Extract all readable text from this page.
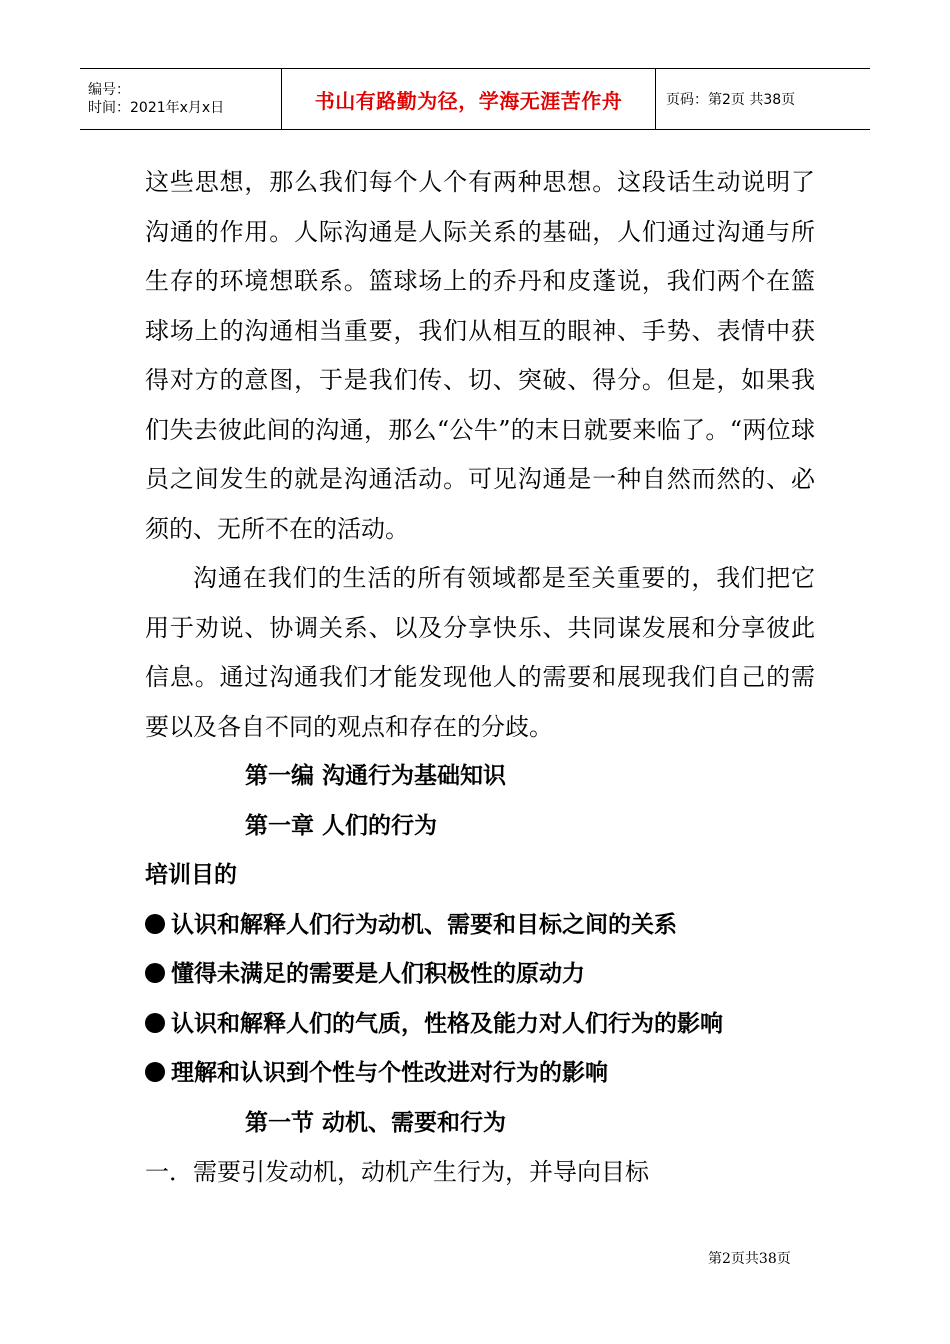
编号：
时间：2021年x月x日	书山有路勤为径，学海无涯苦作舟	页码：第2页 共38页

这些思想，那么我们每个人个有两种思想。这段话生动说明了沟通的作用。人际沟通是人际关系的基础，人们通过沟通与所生存的环境想联系。篮球场上的乔丹和皮蓬说，我们两个在篮球场上的沟通相当重要，我们从相互的眼神、手势、表情中获得对方的意图，于是我们传、切、突破、得分。但是，如果我们失去彼此间的沟通，那么“公牛”的末日就要来临了。“两位球员之间发生的就是沟通活动。可见沟通是一种自然而然的、必须的、无所不在的活动。

沟通在我们的生活的所有领域都是至关重要的，我们把它用于劝说、协调关系、以及分享快乐、共同谋发展和分享彼此信息。通过沟通我们才能发现他人的需要和展现我们自己的需要以及各自不同的观点和存在的分歧。

第一编 沟通行为基础知识

第一章 人们的行为

培训目的

认识和解释人们行为动机、需要和目标之间的关系

懂得未满足的需要是人们积极性的原动力

认识和解释人们的气质，性格及能力对人们行为的影响

理解和认识到个性与个性改进对行为的影响

第一节 动机、需要和行为

一．需要引发动机，动机产生行为，并导向目标

第2页共38页
